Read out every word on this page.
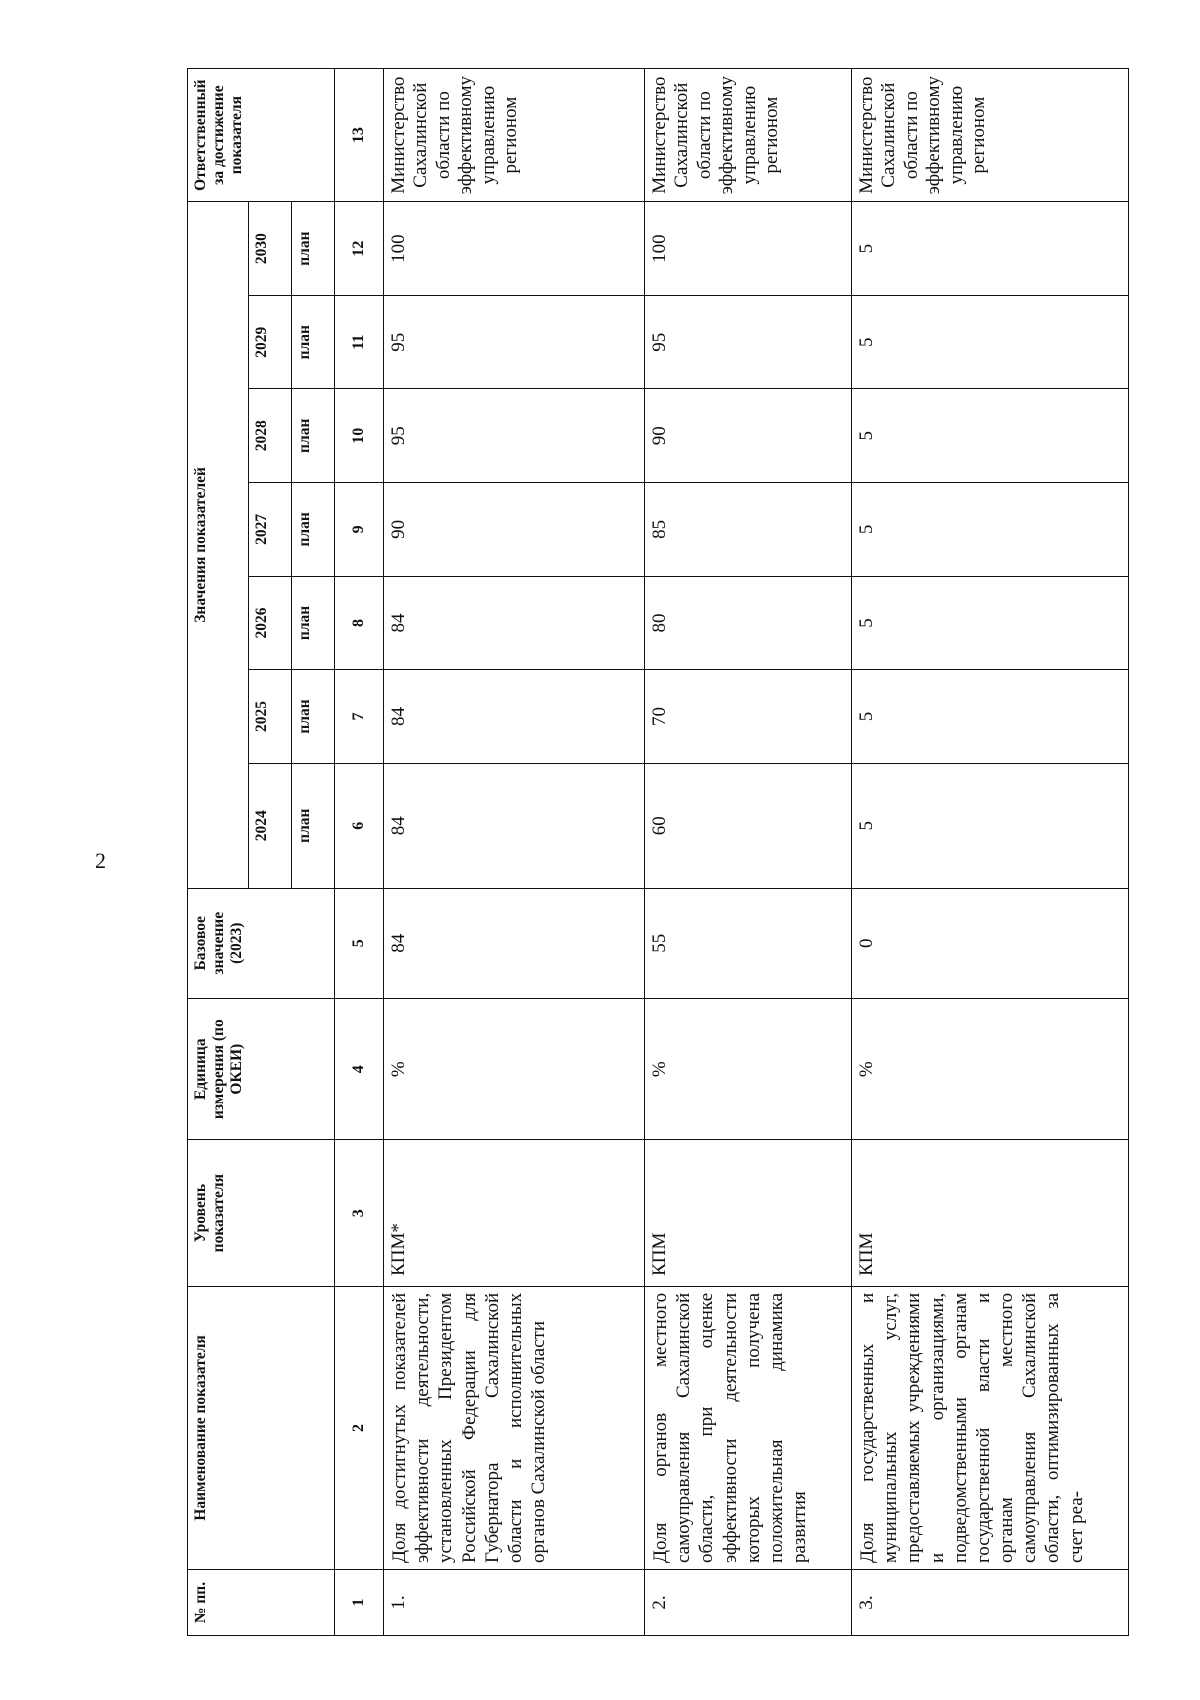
2
№ пп.	Наименование показателя	Уровень показателя	Единица измерения (по ОКЕИ)	Базовое значение (2023)	Значения показателей							Ответственный за достижение показателя
					2024	2025	2026	2027	2028	2029	2030	
					план	план	план	план	план	план	план	
1	2	3	4	5	6	7	8	9	10	11	12	13
1.	Доля достигнутых показателей эффективности деятельности, установленных Президентом Российской Федерации для Губернатора Сахалинской области и исполнительных органов Сахалинской области	КПМ*	%	84	84	84	84	90	95	95	100	Министерство Сахалинской области по эффективному управлению регионом
2.	Доля органов местного самоуправления Сахалинской области, при оценке эффективности деятельности которых получена положительная динамика развития	КПМ	%	55	60	70	80	85	90	95	100	Министерство Сахалинской области по эффективному управлению регионом
3.	Доля государственных и муниципальных услуг, предоставляемых учреждениями и организациями, подведомственными органам государственной власти и органам местного самоуправления Сахалинской области, оптимизированных за счет реа-	КПМ	%	0	5	5	5	5	5	5	5	Министерство Сахалинской области по эффективному управлению регионом
